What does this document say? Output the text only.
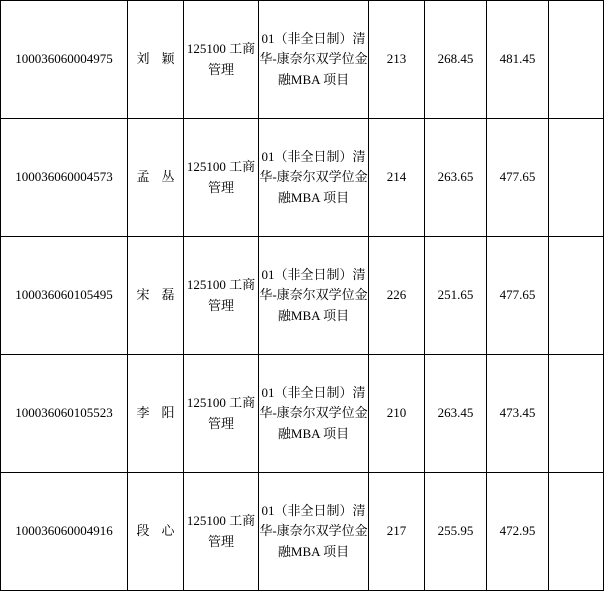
100036060004975	刘 颖	125100 工商管理	01（非全日制）清华-康奈尔双学位金融MBA 项目	213	268.45	481.45	
100036060004573	孟 丛	125100 工商管理	01（非全日制）清华-康奈尔双学位金融MBA 项目	214	263.65	477.65	
100036060105495	宋 磊	125100 工商管理	01（非全日制）清华-康奈尔双学位金融MBA 项目	226	251.65	477.65	
100036060105523	李 阳	125100 工商管理	01（非全日制）清华-康奈尔双学位金融MBA 项目	210	263.45	473.45	
100036060004916	段 心	125100 工商管理	01（非全日制）清华-康奈尔双学位金融MBA 项目	217	255.95	472.95	
